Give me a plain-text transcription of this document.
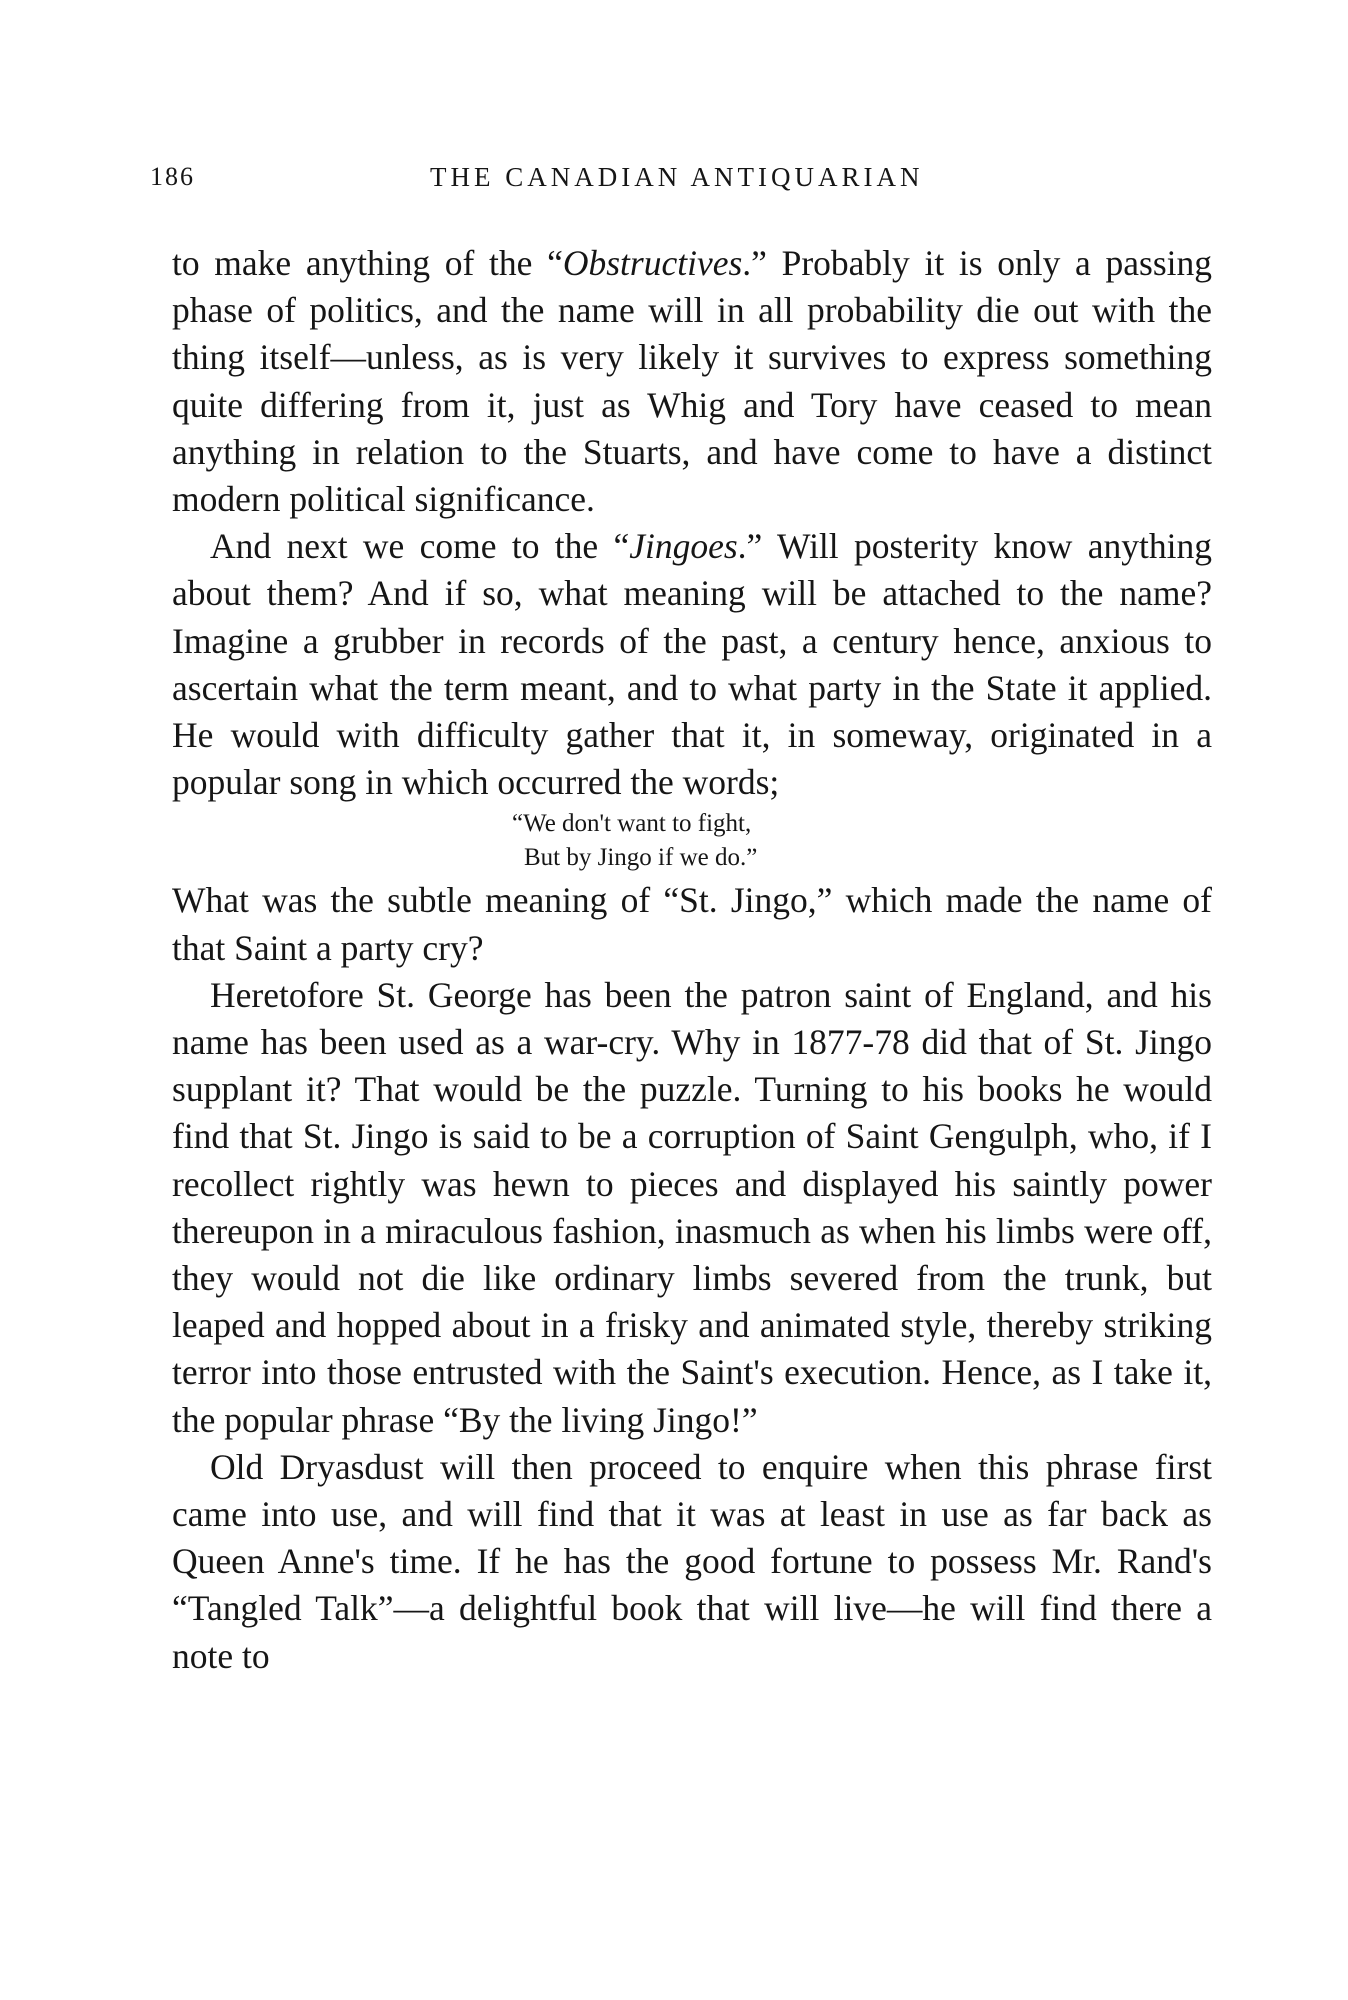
186	THE CANADIAN ANTIQUARIAN

to make anything of the “Obstructives.” Probably it is only a passing phase of politics, and the name will in all probability die out with the thing itself—unless, as is very likely it survives to express something quite differing from it, just as Whig and Tory have ceased to mean anything in relation to the Stuarts, and have come to have a distinct modern political significance.

And next we come to the “Jingoes.” Will posterity know anything about them? And if so, what meaning will be attached to the name? Imagine a grubber in records of the past, a century hence, anxious to ascertain what the term meant, and to what party in the State it applied. He would with difficulty gather that it, in someway, originated in a popular song in which occurred the words;

“We don't want to fight,
But by Jingo if we do.”

What was the subtle meaning of “St. Jingo,” which made the name of that Saint a party cry?

Heretofore St. George has been the patron saint of England, and his name has been used as a war-cry. Why in 1877-78 did that of St. Jingo supplant it? That would be the puzzle. Turning to his books he would find that St. Jingo is said to be a corruption of Saint Gengulph, who, if I recollect rightly was hewn to pieces and displayed his saintly power thereupon in a miraculous fashion, inasmuch as when his limbs were off, they would not die like ordinary limbs severed from the trunk, but leaped and hopped about in a frisky and animated style, thereby striking terror into those entrusted with the Saint's execution. Hence, as I take it, the popular phrase “By the living Jingo!”

Old Dryasdust will then proceed to enquire when this phrase first came into use, and will find that it was at least in use as far back as Queen Anne's time. If he has the good fortune to possess Mr. Rand's “Tangled Talk”—a delightful book that will live—he will find there a note to
